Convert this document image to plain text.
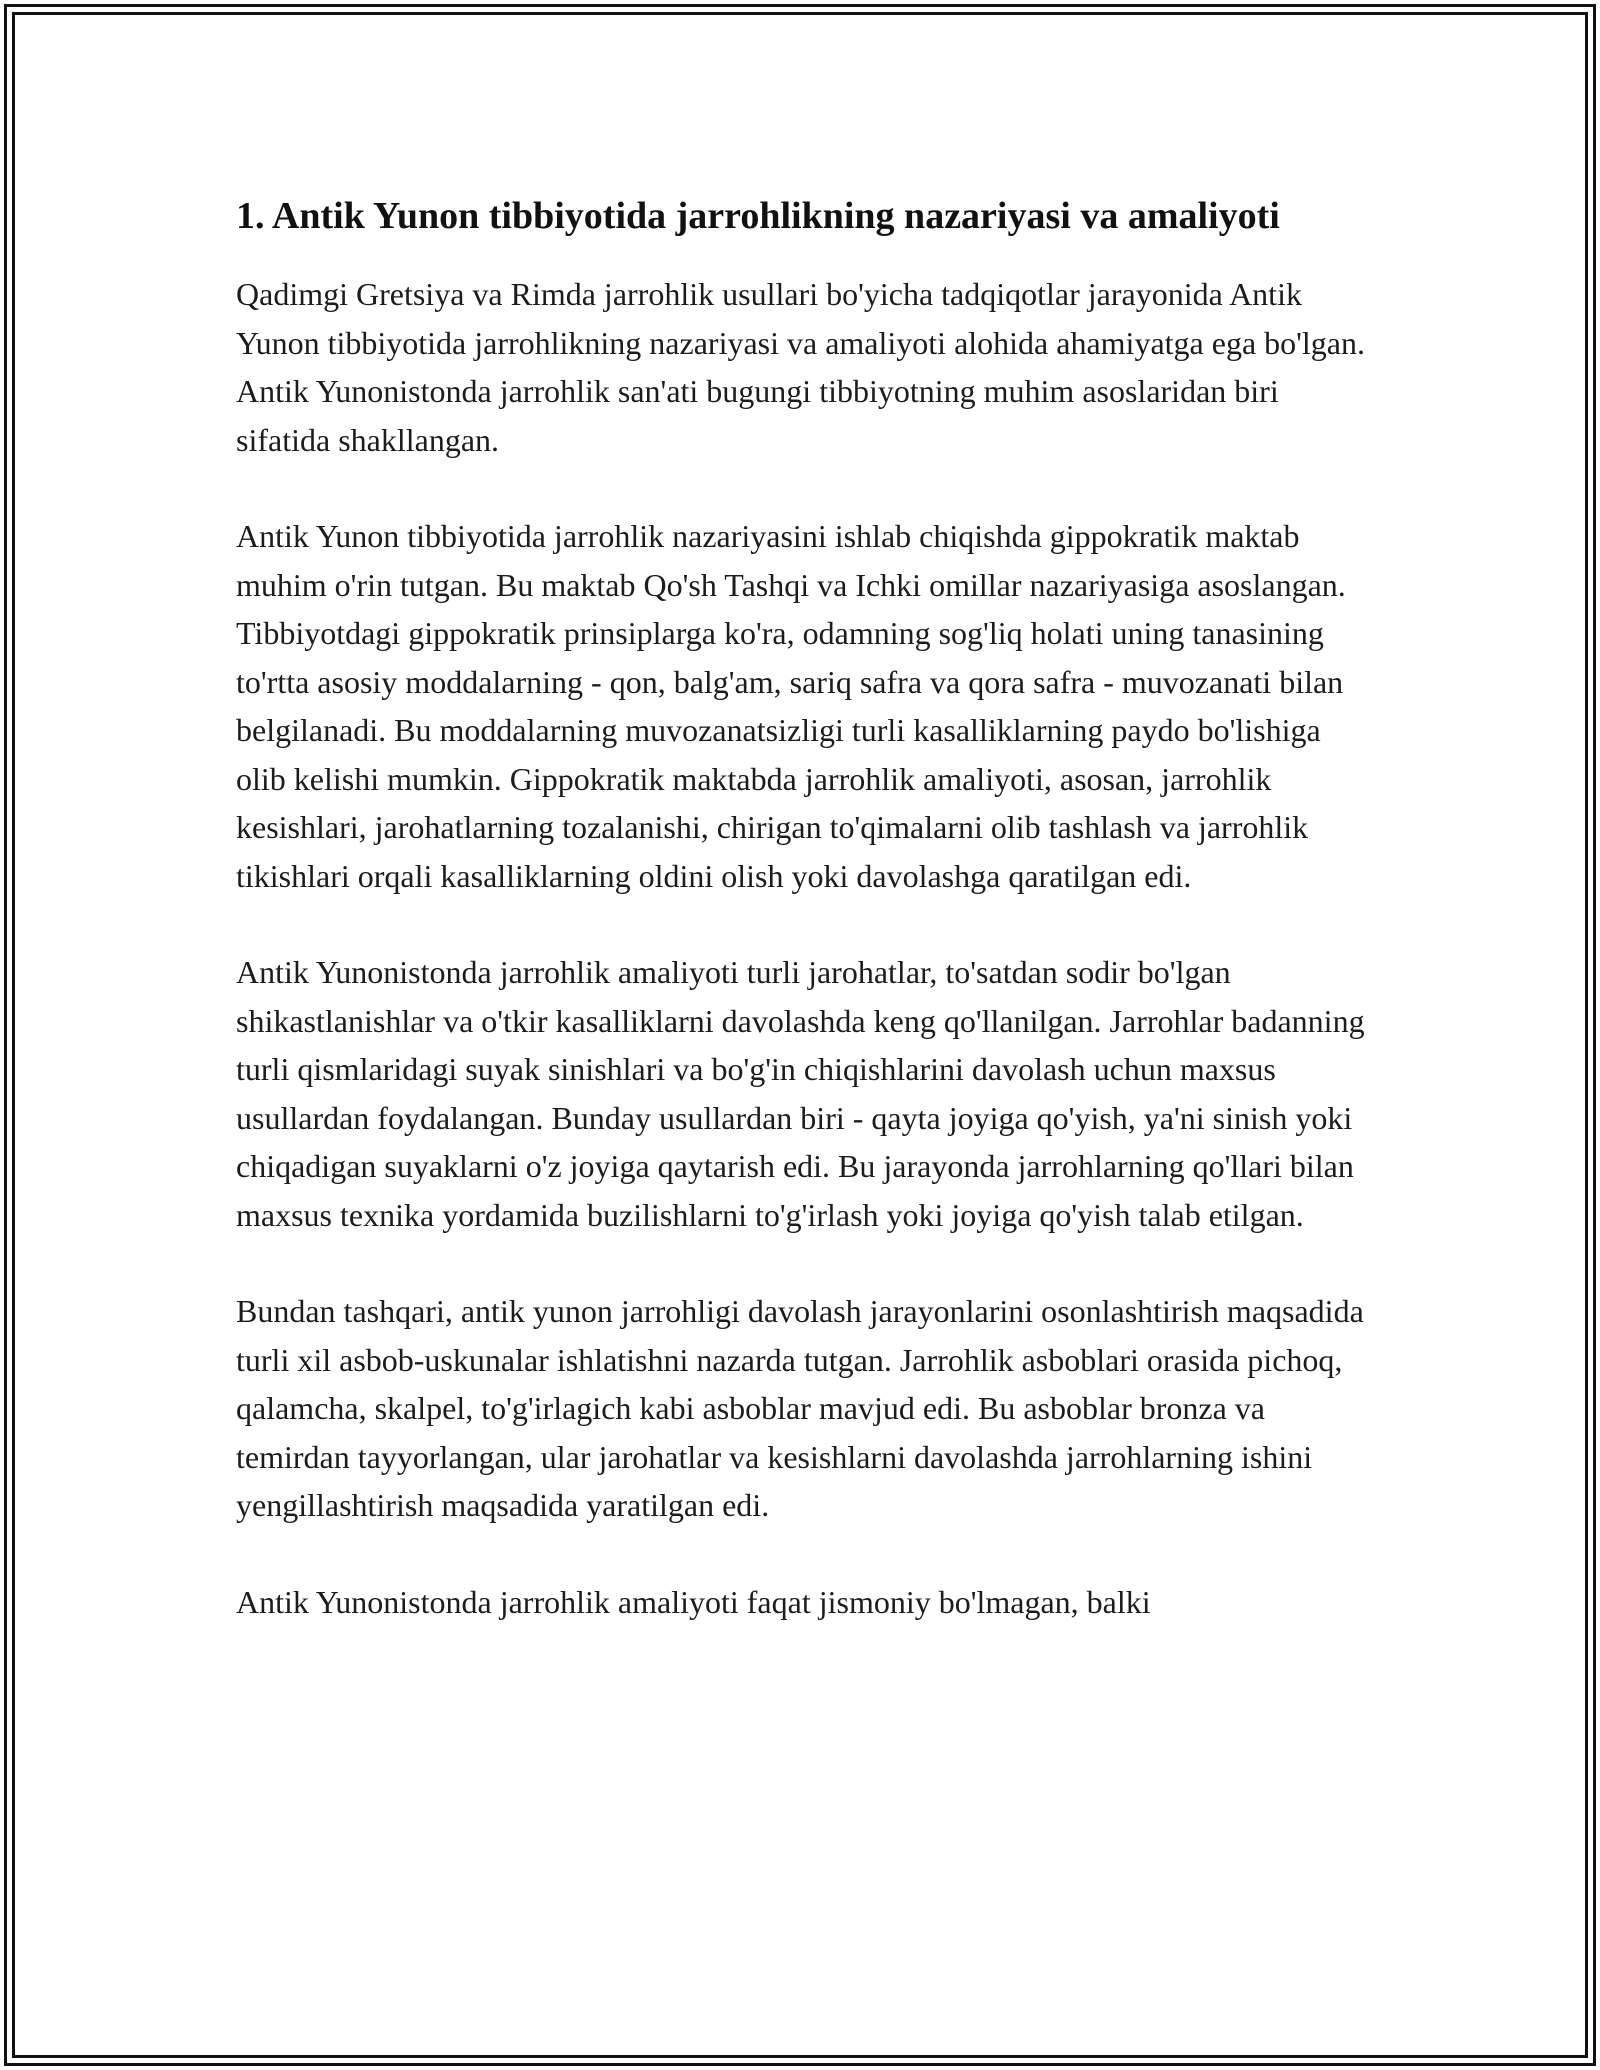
1. Antik Yunon tibbiyotida jarrohlikning nazariyasi va amaliyoti

Qadimgi Gretsiya va Rimda jarrohlik usullari bo'yicha tadqiqotlar jarayonida Antik Yunon tibbiyotida jarrohlikning nazariyasi va amaliyoti alohida ahamiyatga ega bo'lgan. Antik Yunonistonda jarrohlik san'ati bugungi tibbiyotning muhim asoslaridan biri sifatida shakllangan.

Antik Yunon tibbiyotida jarrohlik nazariyasini ishlab chiqishda gippokratik maktab muhim o'rin tutgan. Bu maktab Qo'sh Tashqi va Ichki omillar nazariyasiga asoslangan. Tibbiyotdagi gippokratik prinsiplarga ko'ra, odamning sog'liq holati uning tanasining to'rtta asosiy moddalarning - qon, balg'am, sariq safra va qora safra - muvozanati bilan belgilanadi. Bu moddalarning muvozanatsizligi turli kasalliklarning paydo bo'lishiga olib kelishi mumkin. Gippokratik maktabda jarrohlik amaliyoti, asosan, jarrohlik kesishlari, jarohatlarning tozalanishi, chirigan to'qimalarni olib tashlash va jarrohlik tikishlari orqali kasalliklarning oldini olish yoki davolashga qaratilgan edi.

Antik Yunonistonda jarrohlik amaliyoti turli jarohatlar, to'satdan sodir bo'lgan shikastlanishlar va o'tkir kasalliklarni davolashda keng qo'llanilgan. Jarrohlar badanning turli qismlaridagi suyak sinishlari va bo'g'in chiqishlarini davolash uchun maxsus usullardan foydalangan. Bunday usullardan biri - qayta joyiga qo'yish, ya'ni sinish yoki chiqadigan suyaklarni o'z joyiga qaytarish edi. Bu jarayonda jarrohlarning qo'llari bilan maxsus texnika yordamida buzilishlarni to'g'irlash yoki joyiga qo'yish talab etilgan.

Bundan tashqari, antik yunon jarrohligi davolash jarayonlarini osonlashtirish maqsadida turli xil asbob-uskunalar ishlatishni nazarda tutgan. Jarrohlik asboblari orasida pichoq, qalamcha, skalpel, to'g'irlagich kabi asboblar mavjud edi. Bu asboblar bronza va temirdan tayyorlangan, ular jarohatlar va kesishlarni davolashda jarrohlarning ishini yengillashtirish maqsadida yaratilgan edi.

Antik Yunonistonda jarrohlik amaliyoti faqat jismoniy bo'lmagan, balki
